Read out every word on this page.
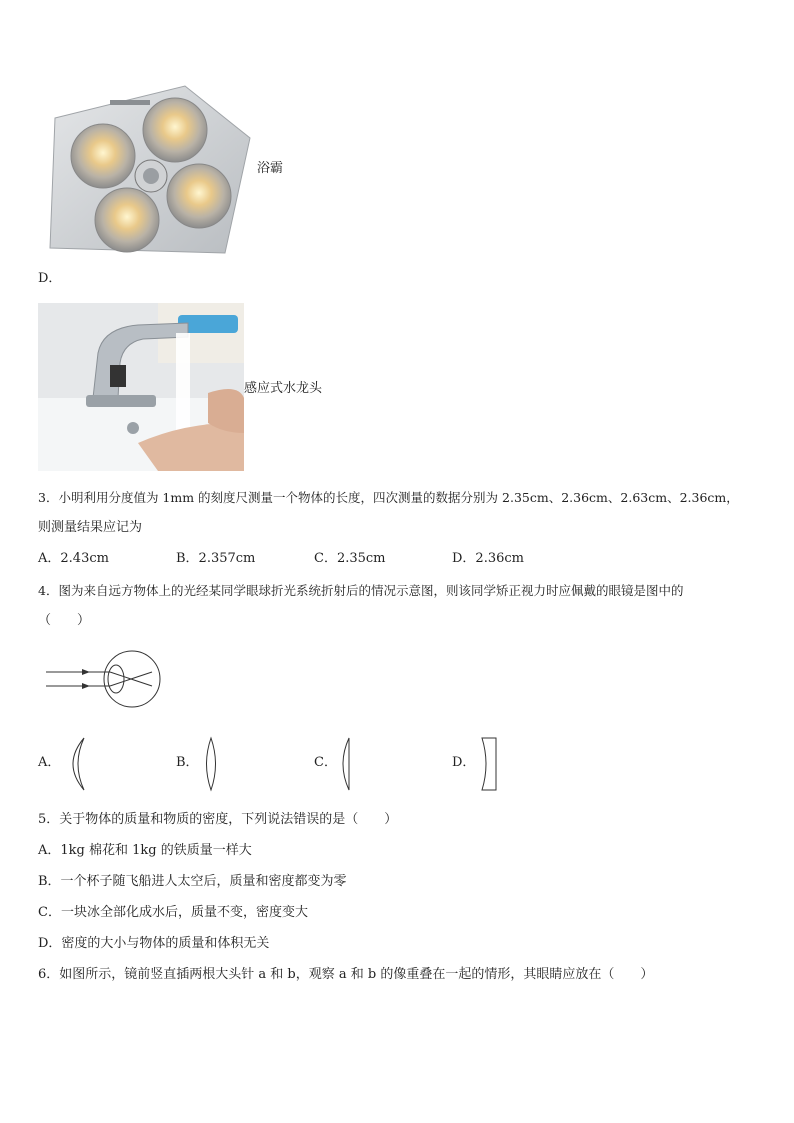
浴霸
D．
感应式水龙头
3．小明利用分度值为 1mm 的刻度尺测量一个物体的长度，四次测量的数据分别为 2.35cm、2.36cm、2.63cm、2.36cm，
则测量结果应记为
A．2.43cm	B．2.357cm	C．2.35cm	D．2.36cm
4．图为来自远方物体上的光经某同学眼球折光系统折射后的情况示意图，则该同学矫正视力时应佩戴的眼镜是图中的
（　　）
A．	B．	C．	D．
5．关于物体的质量和物质的密度，下列说法错误的是（　　）
A．1kg 棉花和 1kg 的铁质量一样大
B．一个杯子随飞船进人太空后，质量和密度都变为零
C．一块冰全部化成水后，质量不变，密度变大
D．密度的大小与物体的质量和体积无关
6．如图所示，镜前竖直插两根大头针 a 和 b，观察 a 和 b 的像重叠在一起的情形，其眼睛应放在（　　）
